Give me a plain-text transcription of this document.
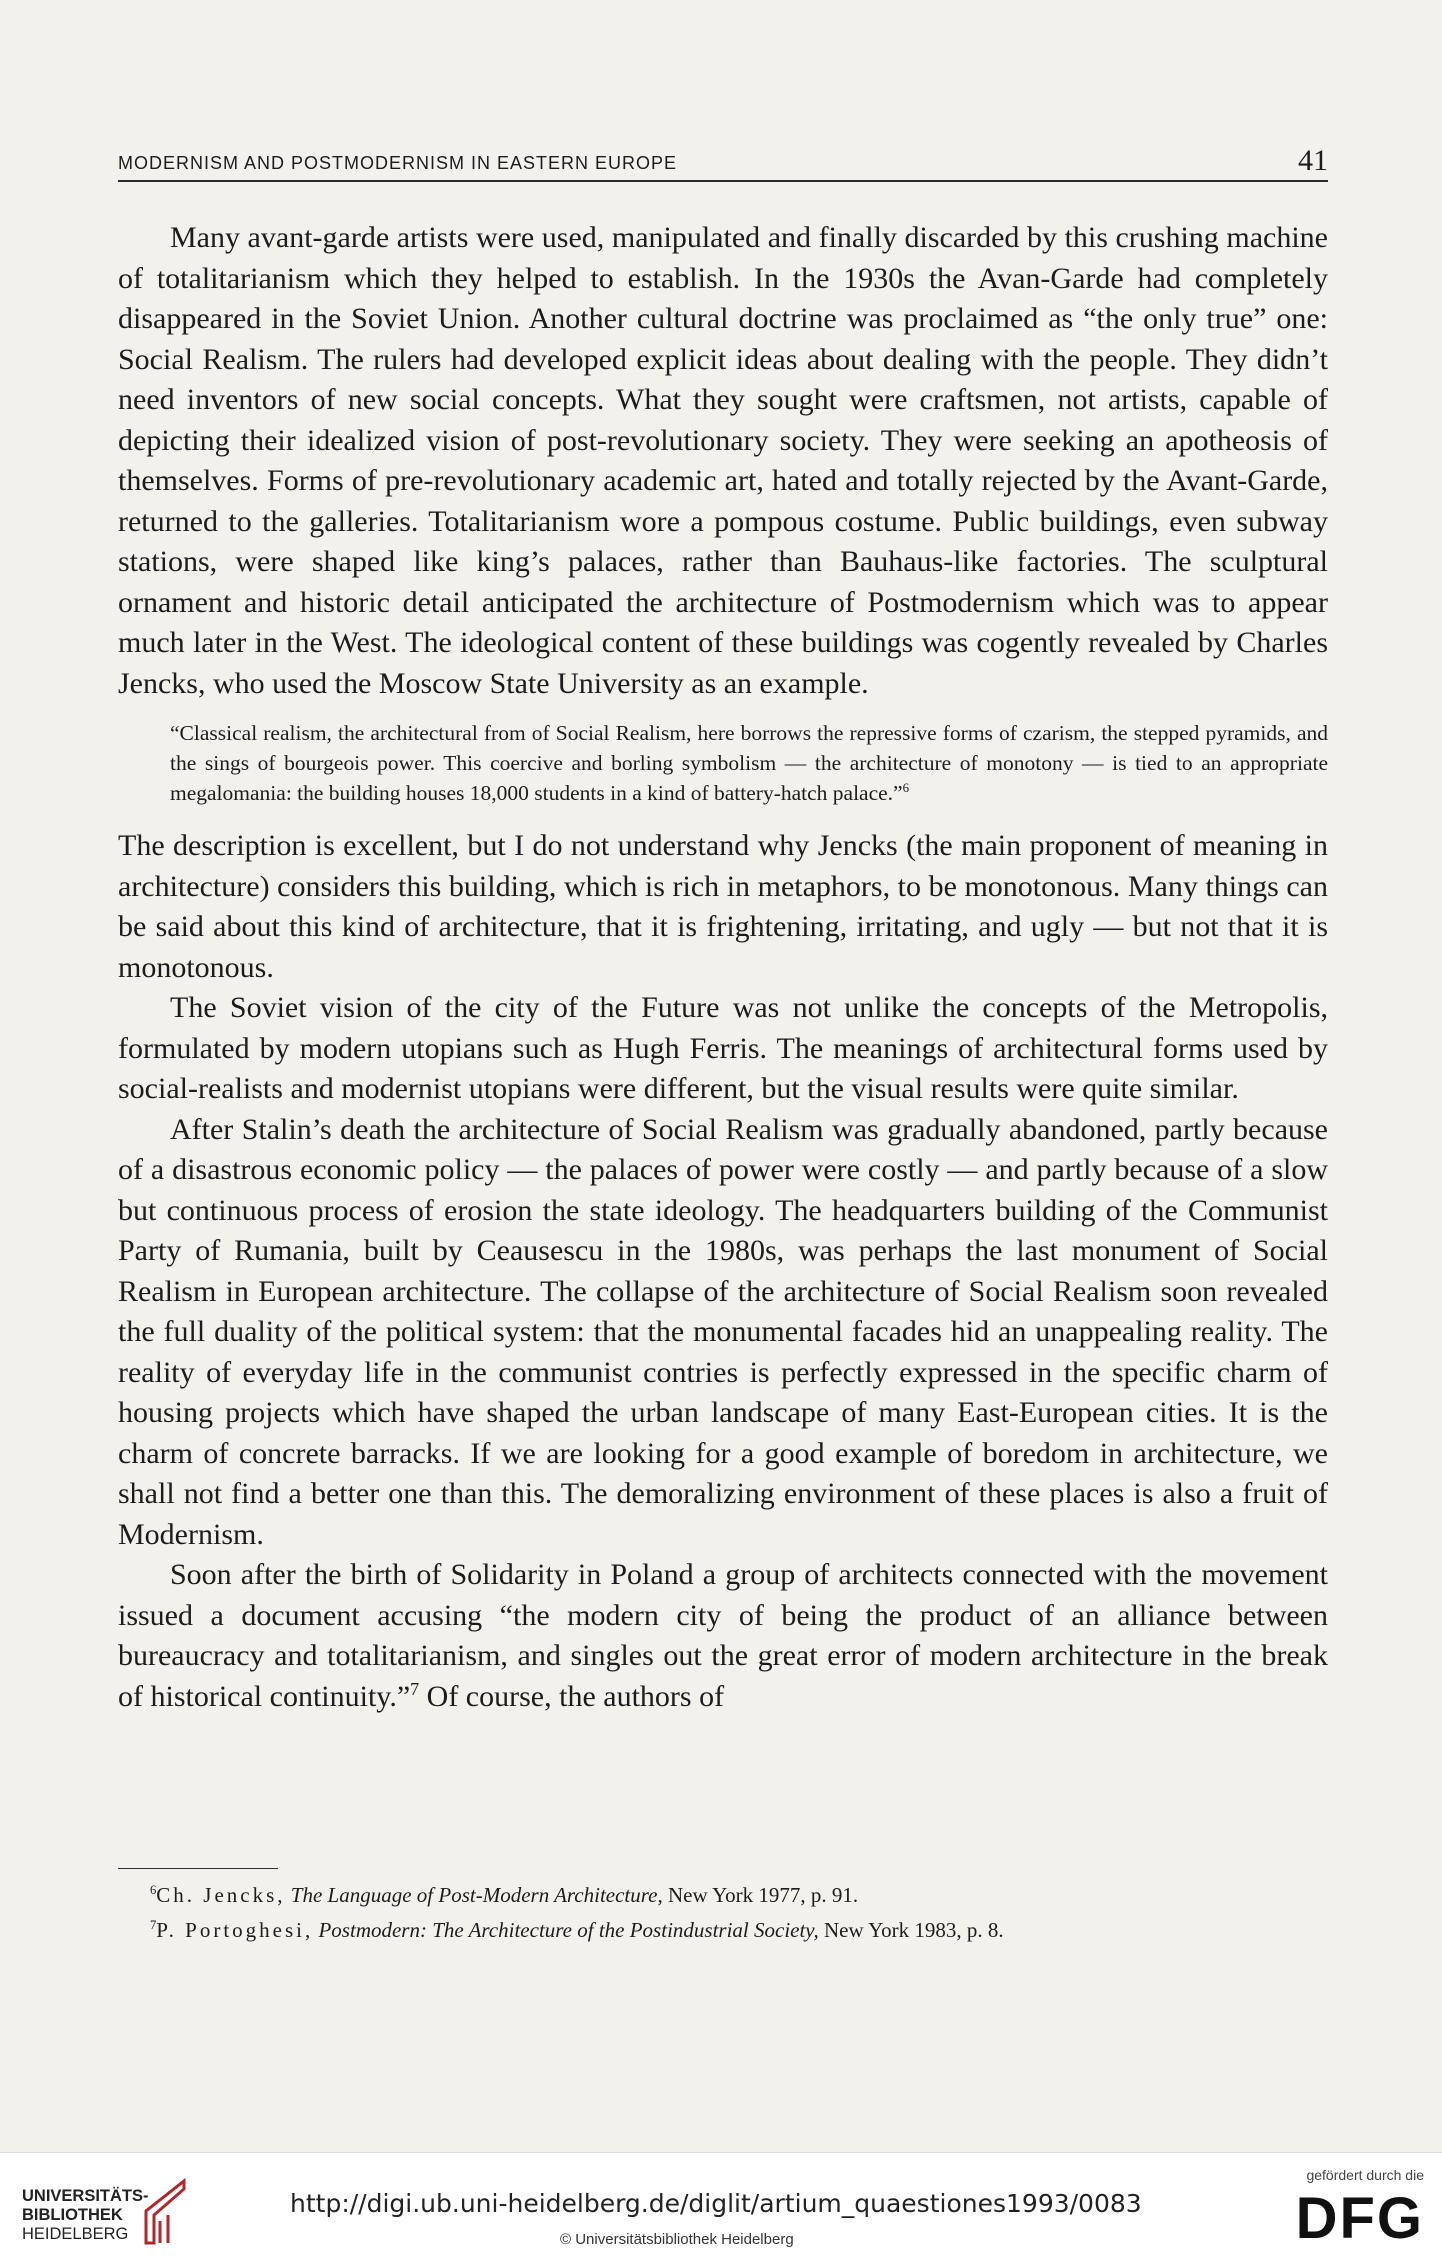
MODERNISM AND POSTMODERNISM IN EASTERN EUROPE	41

Many avant-garde artists were used, manipulated and finally discarded by this crushing machine of totalitarianism which they helped to establish. In the 1930s the Avan-Garde had completely disappeared in the Soviet Union. Another cultural doctrine was proclaimed as “the only true” one: Social Realism. The rulers had developed explicit ideas about dealing with the people. They didn’t need inventors of new social concepts. What they sought were craftsmen, not artists, capable of depicting their idealized vision of post-revolutionary society. They were seeking an apotheosis of themselves. Forms of pre-revolutionary academic art, hated and totally rejected by the Avant-Garde, returned to the galleries. Totalitarianism wore a pompous costume. Public buildings, even subway stations, were shaped like king’s palaces, rather than Bauhaus-like factories. The sculptural ornament and historic detail anticipated the architecture of Postmodernism which was to appear much later in the West. The ideological content of these buildings was cogently revealed by Charles Jencks, who used the Moscow State University as an example.

“Classical realism, the architectural from of Social Realism, here borrows the repressive forms of czarism, the stepped pyramids, and the sings of bourgeois power. This coercive and borling symbolism — the architecture of monotony — is tied to an appropriate megalomania: the building houses 18,000 students in a kind of battery-hatch palace.”$^6$

The description is excellent, but I do not understand why Jencks (the main proponent of meaning in architecture) considers this building, which is rich in metaphors, to be monotonous. Many things can be said about this kind of architecture, that it is frightening, irritating, and ugly — but not that it is monotonous.

The Soviet vision of the city of the Future was not unlike the concepts of the Metropolis, formulated by modern utopians such as Hugh Ferris. The meanings of architectural forms used by social-realists and modernist utopians were different, but the visual results were quite similar.

After Stalin’s death the architecture of Social Realism was gradually abandoned, partly because of a disastrous economic policy — the palaces of power were costly — and partly because of a slow but continuous process of erosion the state ideology. The headquarters building of the Communist Party of Rumania, built by Ceausescu in the 1980s, was perhaps the last monument of Social Realism in European architecture. The collapse of the architecture of Social Realism soon revealed the full duality of the political system: that the monumental facades hid an unappealing reality. The reality of everyday life in the communist contries is perfectly expressed in the specific charm of housing projects which have shaped the urban landscape of many East-European cities. It is the charm of concrete barracks. If we are looking for a good example of boredom in architecture, we shall not find a better one than this. The demoralizing environment of these places is also a fruit of Modernism.

Soon after the birth of Solidarity in Poland a group of architects connected with the movement issued a document accusing “the modern city of being the product of an alliance between bureaucracy and totalitarianism, and singles out the great error of modern architecture in the break of historical continuity.”$^7$ Of course, the authors of

$^6$Ch. Jencks, The Language of Post-Modern Architecture, New York 1977, p. 91.
$^7$P. Portoghesi, Postmodern: The Architecture of the Postindustrial Society, New York 1983, p. 8.
UNIVERSITÄTS-
BIBLIOTHEK
HEIDELBERG
http://digi.ub.uni-heidelberg.de/diglit/artium_quaestiones1993/0083
© Universitätsbibliothek Heidelberg
gefördert durch die
DFG
